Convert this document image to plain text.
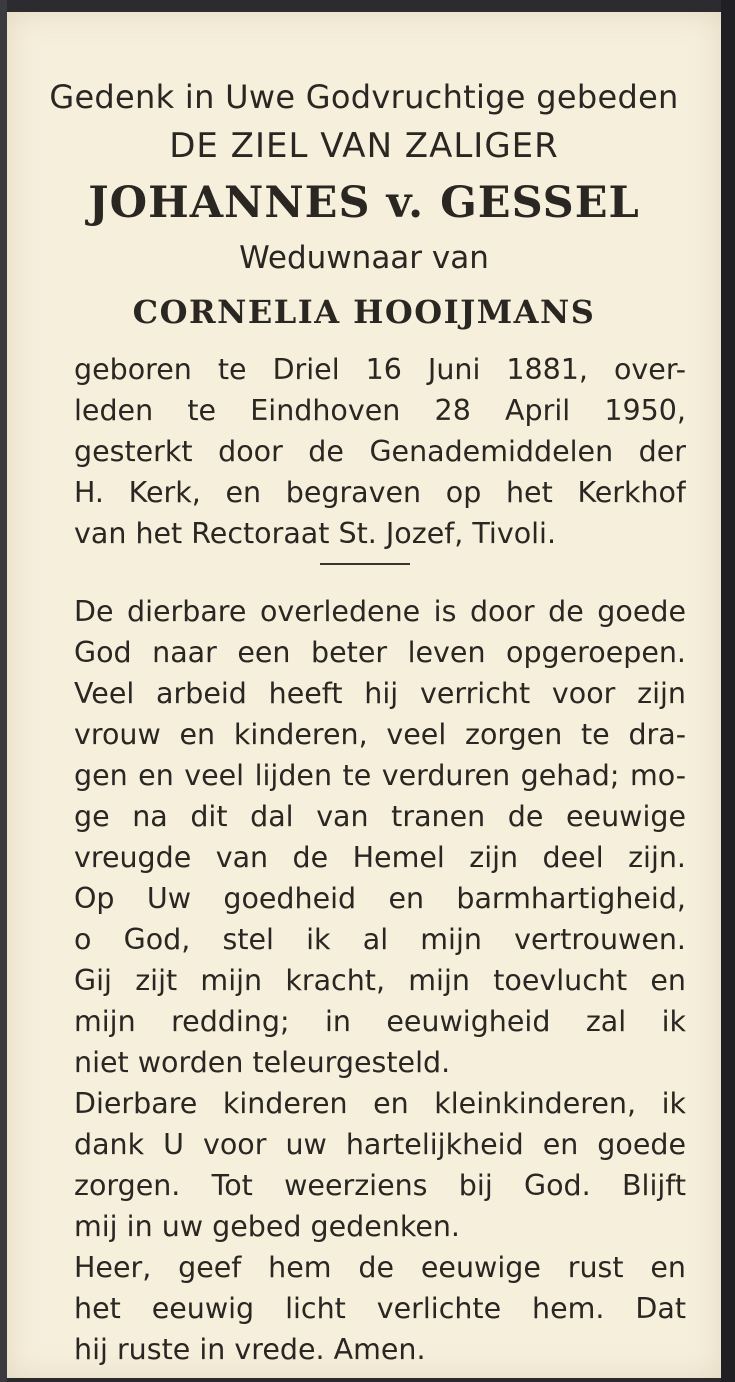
Gedenk in Uwe Godvruchtige gebeden
DE ZIEL VAN ZALIGER
JOHANNES v. GESSEL
Weduwnaar van
CORNELIA HOOIJMANS
geboren te Driel 16 Juni 1881, over-
leden te Eindhoven 28 April 1950,
gesterkt door de Genademiddelen der
H. Kerk, en begraven op het Kerkhof
van het Rectoraat St. Jozef, Tivoli.
De dierbare overledene is door de goede
God naar een beter leven opgeroepen.
Veel arbeid heeft hij verricht voor zijn
vrouw en kinderen, veel zorgen te dra-
gen en veel lijden te verduren gehad; mo-
ge na dit dal van tranen de eeuwige
vreugde van de Hemel zijn deel zijn.
Op Uw goedheid en barmhartigheid,
o God, stel ik al mijn vertrouwen.
Gij zijt mijn kracht, mijn toevlucht en
mijn redding; in eeuwigheid zal ik
niet worden teleurgesteld.
Dierbare kinderen en kleinkinderen, ik
dank U voor uw hartelijkheid en goede
zorgen. Tot weerziens bij God. Blijft
mij in uw gebed gedenken.
Heer, geef hem de eeuwige rust en
het eeuwig licht verlichte hem. Dat
hij ruste in vrede. Amen.
